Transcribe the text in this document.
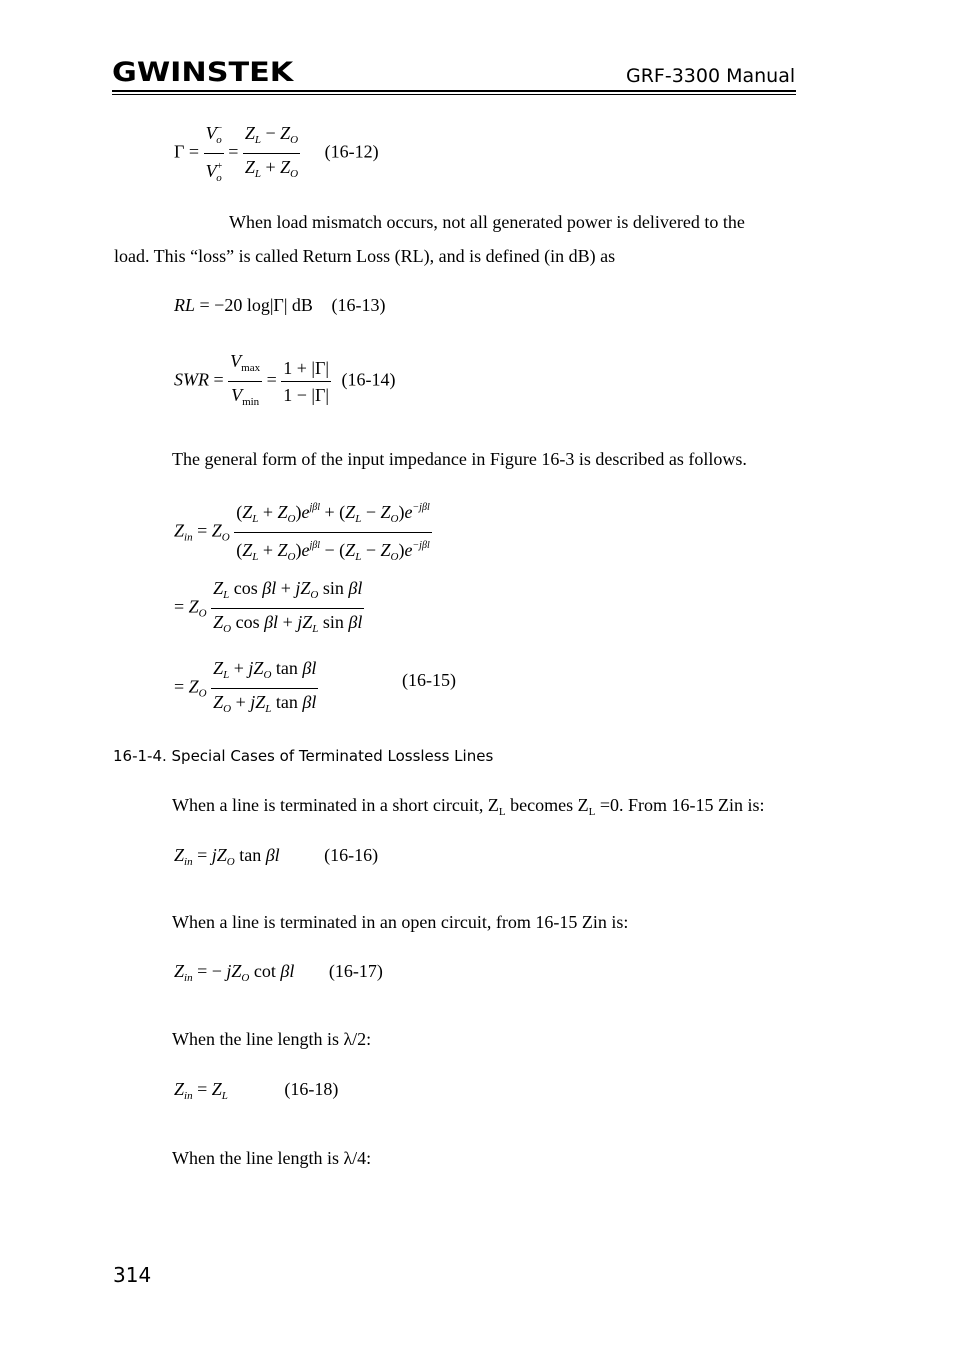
GWINSTEK	GRF-3300 Manual
$\Gamma = \frac{V^-_o}{V^+_o} = \frac{Z_L - Z_O}{Z_L + Z_O} (16-12)$
When load mismatch occurs, not all generated power is delivered to the
load. This “loss” is called Return Loss (RL), and is defined (in dB) as
RL = −20 log|Γ| dB (16-13)
SWR = $\frac{V_{max}}{V_{min}} = \frac{1 + |\Gamma|}{1 - |\Gamma|} (16-14)$
The general form of the input impedance in Figure 16-3 is described as follows.
$Z_{in} = Z_O \frac{(Z_L + Z_O)e^{j\beta l} + (Z_L - Z_O)e^{-j\beta l}}{(Z_L + Z_O)e^{j\beta l} - (Z_L - Z_O)e^{-j\beta l}}$
= $Z_O \frac{Z_L \cos \beta l + jZ_O \sin \beta l}{Z_O \cos \beta l + jZ_L \sin \beta l}$
= $Z_O \frac{Z_L + jZ_O \tan \beta l}{Z_O + jZ_L \tan \beta l}$	(16-15)
16-1-4. Special Cases of Terminated Lossless Lines
When a line is terminated in a short circuit, $Z_L$ becomes $Z_L =0$. From 16-15 Zin is:
$Z_{in} = jZ_O$ tan βl (16-16)
When a line is terminated in an open circuit, from 16-15 Zin is:
$Z_{in}$ = − $jZ_O$ cot βl (16-17)
When the line length is λ/2:
$Z_{in} = Z_L$	(16-18)
When the line length is λ/4:
314
